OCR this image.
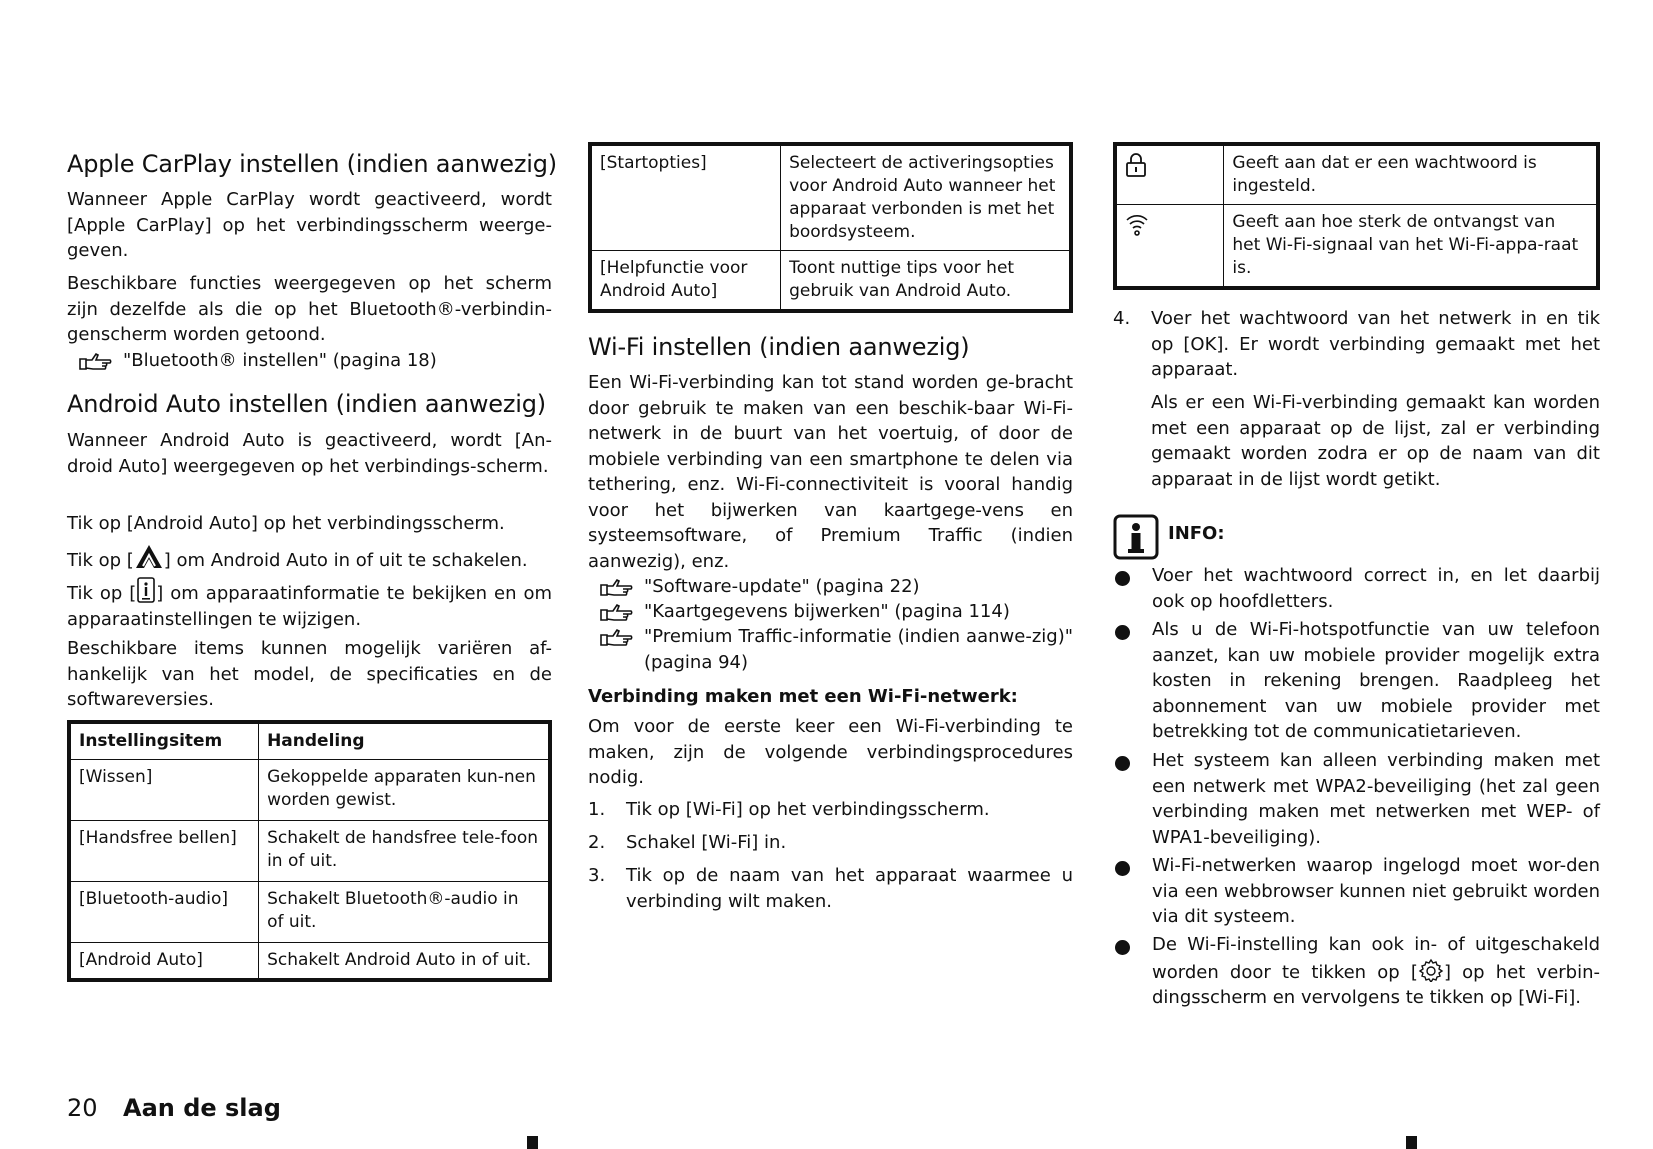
Apple CarPlay instellen (indien aanwezig)

Wanneer Apple CarPlay wordt geactiveerd, wordt [Apple CarPlay] op het verbindingsscherm weerge-geven.

Beschikbare functies weergegeven op het scherm zijn dezelfde als die op het Bluetooth®-verbindin-genscherm worden getoond.

"Bluetooth® instellen" (pagina 18)
Android Auto instellen (indien aanwezig)

Wanneer Android Auto is geactiveerd, wordt [An-droid Auto] weergegeven op het verbindings-scherm.

Tik op [Android Auto] op het verbindingsscherm.

Tik op [ ] om Android Auto in of uit te schakelen.

Tik op [ ] om apparaatinformatie te bekijken en om apparaatinstellingen te wijzigen.

Beschikbare items kunnen mogelijk variëren af-hankelijk van het model, de specificaties en de softwareversies.

Instellingsitem	Handeling
[Wissen]	Gekoppelde apparaten kun-nen worden gewist.
[Handsfree bellen]	Schakelt de handsfree tele-foon in of uit.
[Bluetooth-audio]	Schakelt Bluetooth®-audio in of uit.
[Android Auto]	Schakelt Android Auto in of uit.
[Startopties]	Selecteert de activeringsopties voor Android Auto wanneer het apparaat verbonden is met het boordsysteem.
[Helpfunctie voor Android Auto]	Toont nuttige tips voor het gebruik van Android Auto.
Wi-Fi instellen (indien aanwezig)

Een Wi-Fi-verbinding kan tot stand worden ge-bracht door gebruik te maken van een beschik-baar Wi-Fi-netwerk in de buurt van het voertuig, of door de mobiele verbinding van een smartphone te delen via tethering, enz. Wi-Fi-connectiviteit is vooral handig voor het bijwerken van kaartgege-vens en systeemsoftware, of Premium Traffic (indien aanwezig), enz.

"Software-update" (pagina 22)
"Kaartgegevens bijwerken" (pagina 114)
"Premium Traffic-informatie (indien aanwe-zig)" (pagina 94)

Verbinding maken met een Wi-Fi-netwerk:

Om voor de eerste keer een Wi-Fi-verbinding te maken, zijn de volgende verbindingsprocedures nodig.

1. Tik op [Wi-Fi] op het verbindingsscherm.
2. Schakel [Wi-Fi] in.
3. Tik op de naam van het apparaat waarmee u verbinding wilt maken.
	Geeft aan dat er een wachtwoord is ingesteld.
	Geeft aan hoe sterk de ontvangst van het Wi-Fi-signaal van het Wi-Fi-appa-raat is.
4. Voer het wachtwoord van het netwerk in en tik op [OK]. Er wordt verbinding gemaakt met het apparaat.

Als er een Wi-Fi-verbinding gemaakt kan worden met een apparaat op de lijst, zal er verbinding gemaakt worden zodra er op de naam van dit apparaat in de lijst wordt getikt.

INFO:

Voer het wachtwoord correct in, en let daarbij ook op hoofdletters.
Als u de Wi-Fi-hotspotfunctie van uw telefoon aanzet, kan uw mobiele provider mogelijk extra kosten in rekening brengen. Raadpleeg het abonnement van uw mobiele provider met betrekking tot de communicatietarieven.
Het systeem kan alleen verbinding maken met een netwerk met WPA2-beveiliging (het zal geen verbinding maken met netwerken met WEP- of WPA1-beveiliging).
Wi-Fi-netwerken waarop ingelogd moet wor-den via een webbrowser kunnen niet gebruikt worden via dit systeem.
De Wi-Fi-instelling kan ook in- of uitgeschakeld worden door te tikken op [ ] op het verbin-dingsscherm en vervolgens te tikken op [Wi-Fi].
20 Aan de slag
